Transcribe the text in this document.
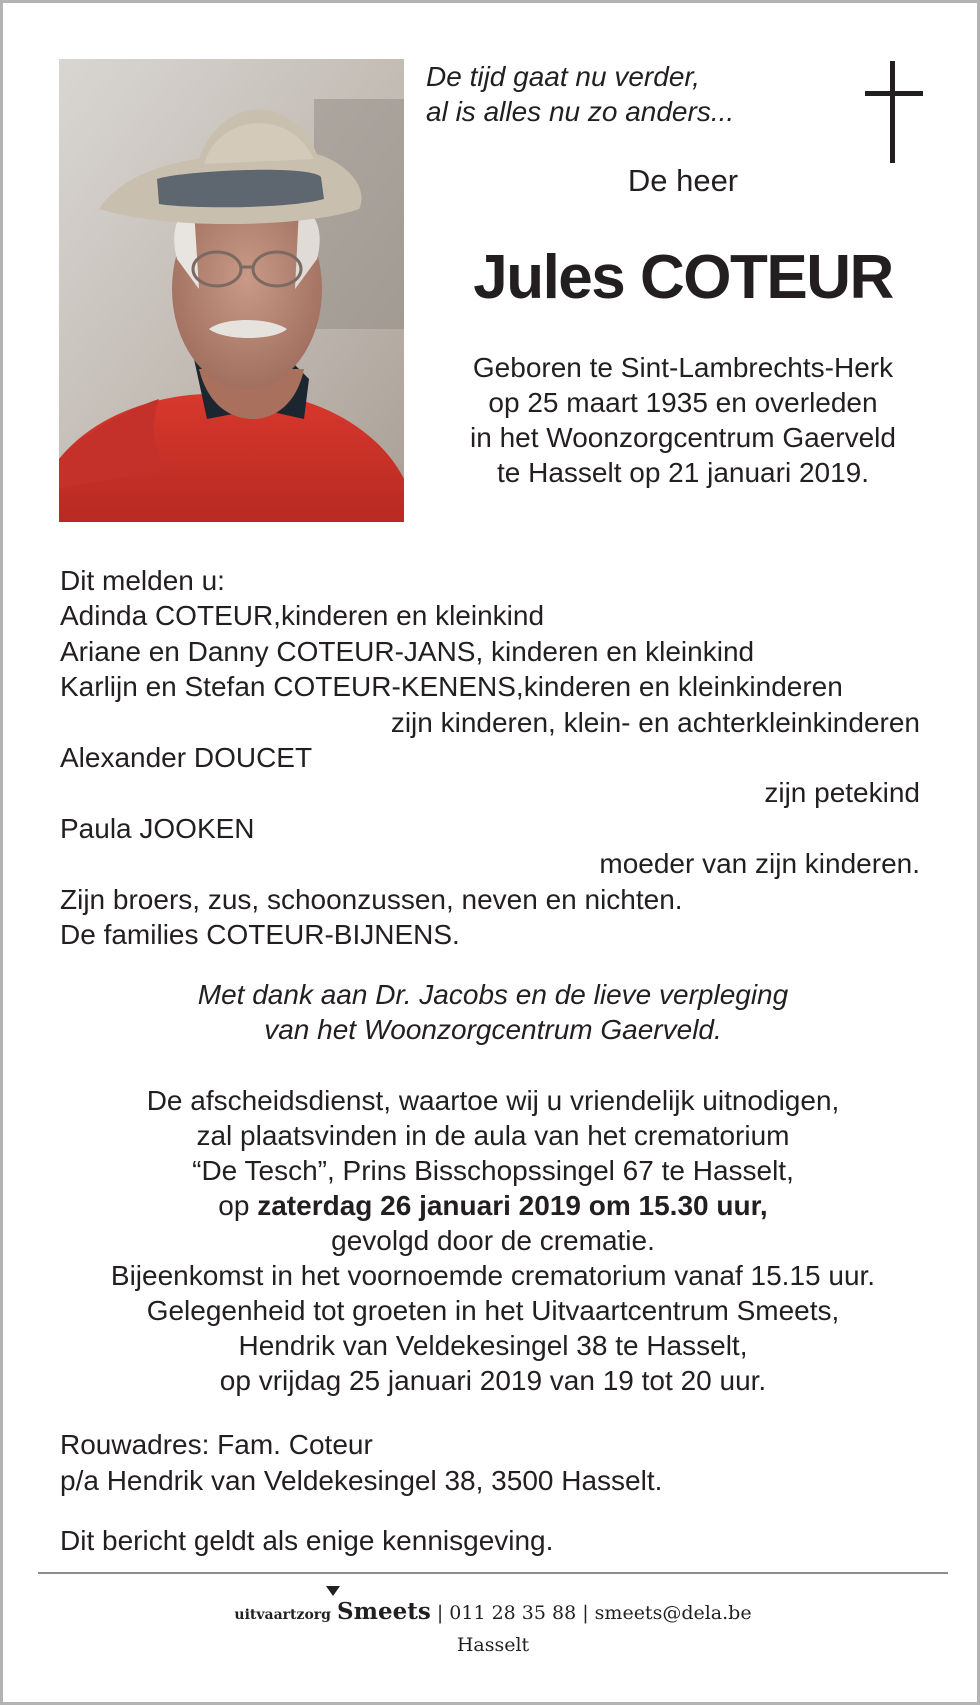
De tijd gaat nu verder,
al is alles nu zo anders...
De heer
Jules COTEUR
Geboren te Sint-Lambrechts-Herk
op 25 maart 1935 en overleden
in het Woonzorgcentrum Gaerveld
te Hasselt op 21 januari 2019.
Dit melden u:
Adinda COTEUR,kinderen en kleinkind
Ariane en Danny COTEUR-JANS, kinderen en kleinkind
Karlijn en Stefan COTEUR-KENENS,kinderen en kleinkinderen
zijn kinderen, klein- en achterkleinkinderen
Alexander DOUCET
zijn petekind
Paula JOOKEN
moeder van zijn kinderen.
Zijn broers, zus, schoonzussen, neven en nichten.
De families COTEUR-BIJNENS.
Met dank aan Dr. Jacobs en de lieve verpleging
van het Woonzorgcentrum Gaerveld.
De afscheidsdienst, waartoe wij u vriendelijk uitnodigen,
zal plaatsvinden in de aula van het crematorium
“De Tesch”, Prins Bisschopssingel 67 te Hasselt,
op zaterdag 26 januari 2019 om 15.30 uur,
gevolgd door de crematie.
Bijeenkomst in het voornoemde crematorium vanaf 15.15 uur.
Gelegenheid tot groeten in het Uitvaartcentrum Smeets,
Hendrik van Veldekesingel 38 te Hasselt,
op vrijdag 25 januari 2019 van 19 tot 20 uur.
Rouwadres: Fam. Coteur
p/a Hendrik van Veldekesingel 38, 3500 Hasselt.
Dit bericht geldt als enige kennisgeving.
uitvaartzorg Smeets | 011 28 35 88 | smeets@dela.be
Hasselt
